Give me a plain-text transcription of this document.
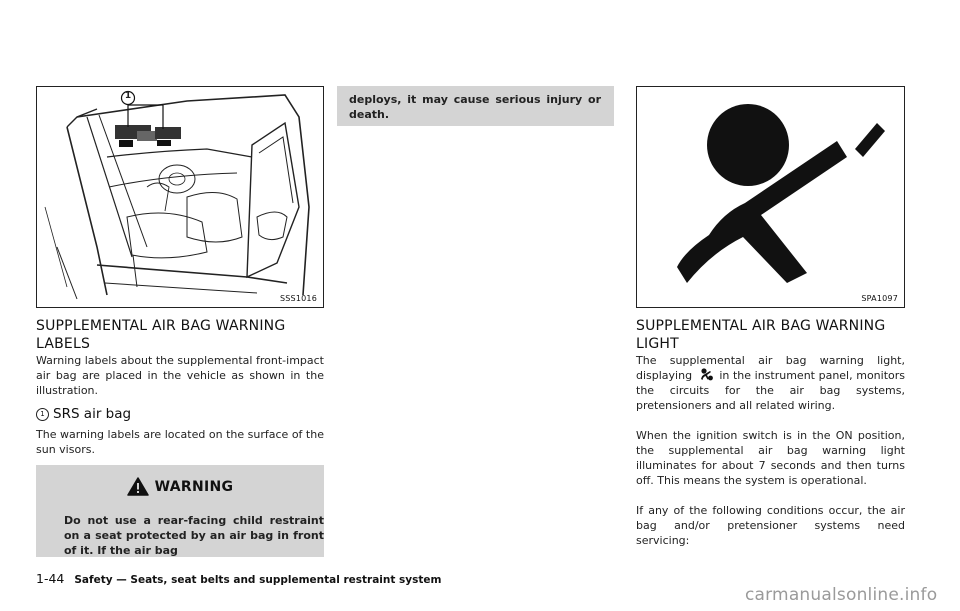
1
SSS1016
SUPPLEMENTAL AIR BAG WARNING LABELS
Warning labels about the supplemental front-impact air bag are placed in the vehicle as shown in the illustration.
1 SRS air bag
The warning labels are located on the surface of the sun visors.
WARNING
Do not use a rear-facing child restraint on a seat protected by an air bag in front of it. If the air bag
deploys, it may cause serious injury or death.
SPA1097
SUPPLEMENTAL AIR BAG WARNING LIGHT
The supplemental air bag warning light, displaying in the instrument panel, monitors the circuits for the air bag systems, pretensioners and all related wiring.
When the ignition switch is in the ON position, the supplemental air bag warning light illuminates for about 7 seconds and then turns off. This means the system is operational.
If any of the following conditions occur, the air bag and/or pretensioner systems need servicing:
1-44 Safety — Seats, seat belts and supplemental restraint system
carmanualsonline.info
